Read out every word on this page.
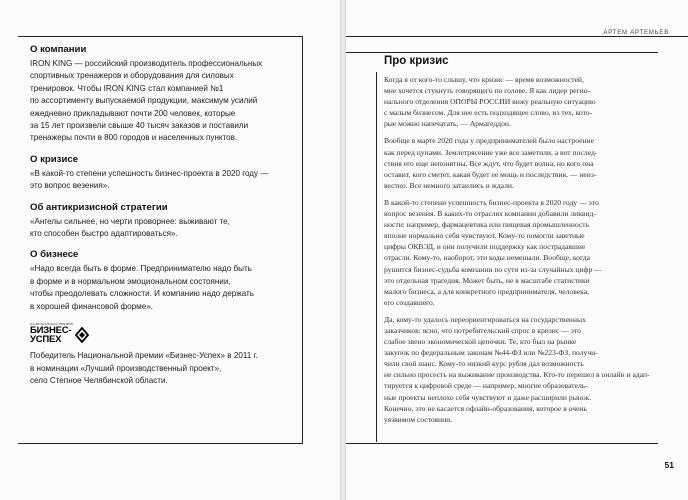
О компании

IRON KING — российский производитель профессиональных
спортивных тренажеров и оборудования для силовых
тренировок. Чтобы IRON KING стал компанией №1
по ассортименту выпускаемой продукции, максимум усилий
ежедневно прикладывают почти 200 человек, которые
за 15 лет произвели свыше 40 тысяч заказов и поставили
тренажеры почти в 800 городов и населенных пунктов.

О кризисе

«В какой-то степени успешность бизнес-проекта в 2020 году —
это вопрос везения».

Об антикризисной стратегии

«Ангелы сильнее, но черти проворнее: выживают те,
кто способен быстро адаптироваться».

О бизнесе

«Надо всегда быть в форме. Предпринимателю надо быть
в форме и в нормальном эмоциональном состоянии,
чтобы преодолевать сложности. И компанию надо держать
в хорошей финансовой форме».

НАЦИОНАЛЬНАЯ ПРЕМИЯ
БИЗНЕС-
УСПЕХ

Победитель Национальной премии «Бизнес-Успех» в 2011 г.
в номинации «Лучший производственный проект»,
село Степное Челябинской области.

АРТЕМ АРТЕМЬЕВ
Про кризис

Когда я от кого-то слышу, что кризис — время возможностей,
мне хочется стукнуть говорящего по голове. Я как лидер регио-
нального отделения ОПОРЫ РОССИИ вижу реальную ситуацию
с малым бизнесом. Для нее есть подходящее слово, из тех, кото-
рые можно напечатать, — Армагеддон.

Вообще в марте 2020 года у предпринимателей было настроение
как перед цунами. Землетрясение уже все заметили, а вот послед-
ствия его еще непонятны. Все ждут, что будет волна, но кого она
оставит, кого сметет, какая будет ее мощь и последствия, — неиз-
вестно. Все немного затаились и ждали.

В какой-то степени успешность бизнес-проекта в 2020 году — это
вопрос везения. В каких-то отраслях компании добавили ликвид-
ности: например, фармацевтика или пищевая промышленность
вполне нормально себя чувствуют. Кому-то помогли заветные
цифры ОКВЭД, и они получили поддержку как пострадавшие
отрасли. Кому-то, наоборот, эти коды немешали. Вообще, когда
рушится бизнес-судьба компании по сути из-за случайных цифр —
это отдельная трагедия. Может быть, не в масштабе статистики
малого бизнеса, а для конкретного предпринимателя, человека,
его создавшего.

Да, кому-то удалось переориентироваться на государственных
заказчиков: ясно, что потребительский спрос в кризис — это
слабое звено экономической цепочки. Те, кто был на рынке
закупок по федеральным законам №44-ФЗ или №223-ФЗ, получи-
чили свой шанс. Кому-то низкий курс рубля дал возможность
не сильно просесть на выживание производства. Кто-то перешел в онлайн и адап-
тируется к цифровой среде — например, многие образователь-
ные проекты неплохо себя чувствуют и даже расширили рынок.
Конечно, это не касается офлайн-образования, которое в очень
уязвимом состоянии.

51
